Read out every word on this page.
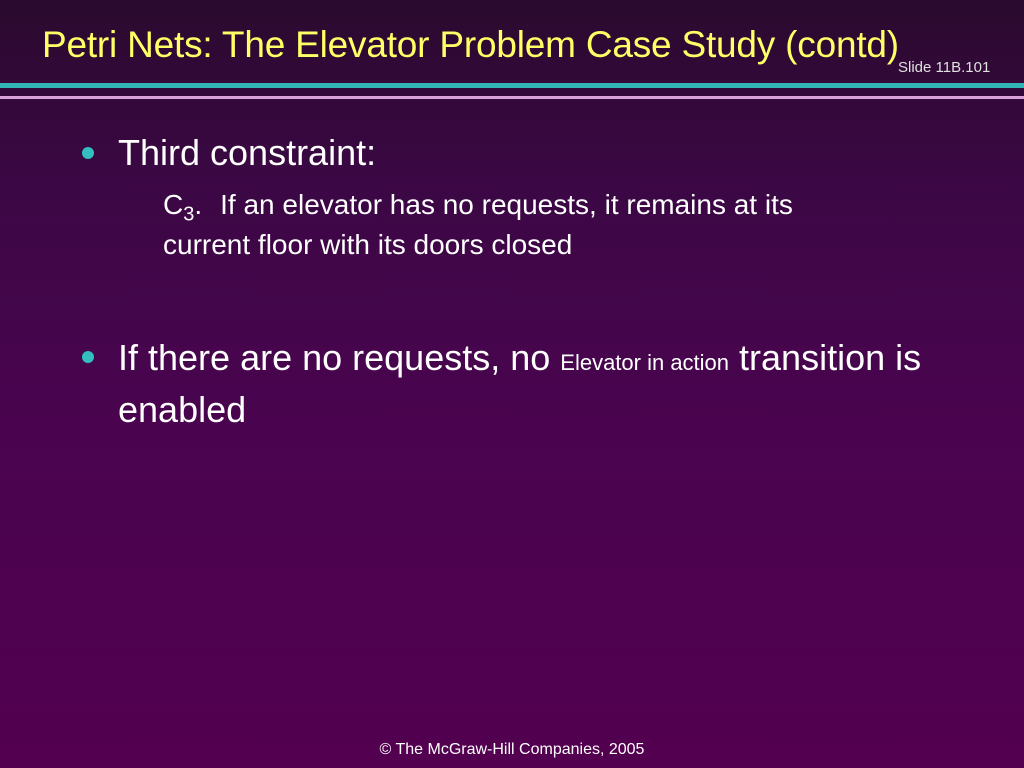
Petri Nets: The Elevator Problem Case Study (contd)
Slide 11B.101
Third constraint:
$C_3$. If an elevator has no requests, it remains at its
current floor with its doors closed
If there are no requests, no Elevator in action transition is enabled
© The McGraw-Hill Companies, 2005
